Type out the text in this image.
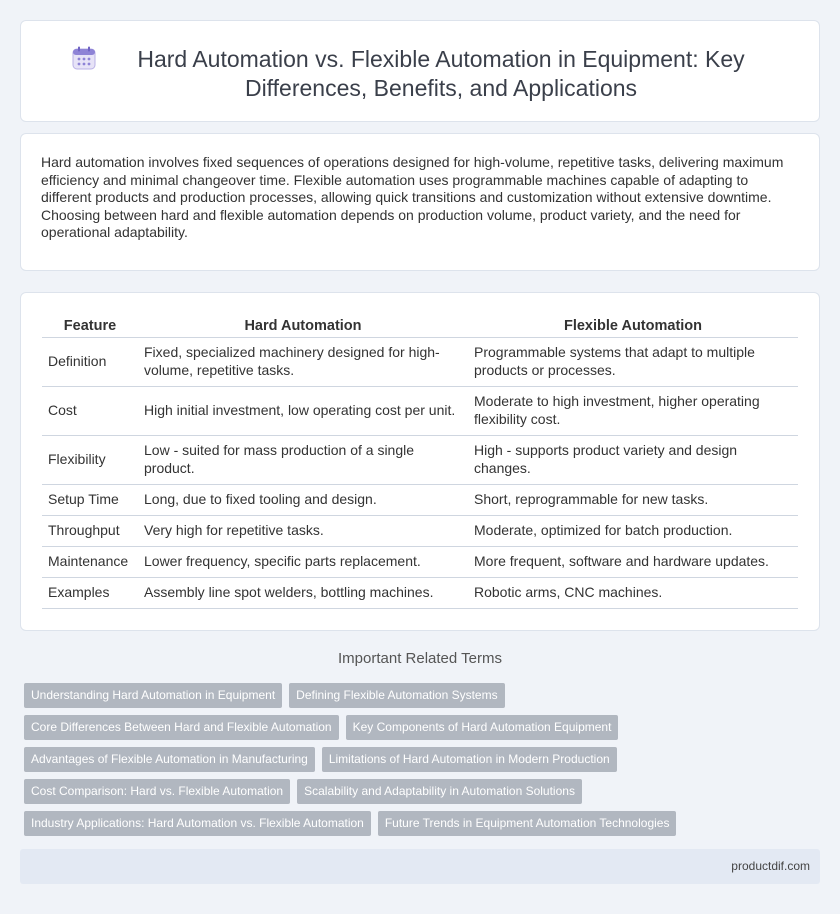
Hard Automation vs. Flexible Automation in Equipment: Key Differences, Benefits, and Applications

Hard automation involves fixed sequences of operations designed for high-volume, repetitive tasks, delivering maximum efficiency and minimal changeover time. Flexible automation uses programmable machines capable of adapting to different products and production processes, allowing quick transitions and customization without extensive downtime. Choosing between hard and flexible automation depends on production volume, product variety, and the need for operational adaptability.

Feature	Hard Automation	Flexible Automation
Definition	Fixed, specialized machinery designed for high-volume, repetitive tasks.	Programmable systems that adapt to multiple products or processes.
Cost	High initial investment, low operating cost per unit.	Moderate to high investment, higher operating flexibility cost.
Flexibility	Low - suited for mass production of a single product.	High - supports product variety and design changes.
Setup Time	Long, due to fixed tooling and design.	Short, reprogrammable for new tasks.
Throughput	Very high for repetitive tasks.	Moderate, optimized for batch production.
Maintenance	Lower frequency, specific parts replacement.	More frequent, software and hardware updates.
Examples	Assembly line spot welders, bottling machines.	Robotic arms, CNC machines.
Important Related Terms
Understanding Hard Automation in Equipment	Defining Flexible Automation Systems
Core Differences Between Hard and Flexible Automation	Key Components of Hard Automation Equipment
Advantages of Flexible Automation in Manufacturing	Limitations of Hard Automation in Modern Production
Cost Comparison: Hard vs. Flexible Automation	Scalability and Adaptability in Automation Solutions
Industry Applications: Hard Automation vs. Flexible Automation	Future Trends in Equipment Automation Technologies
productdif.com
